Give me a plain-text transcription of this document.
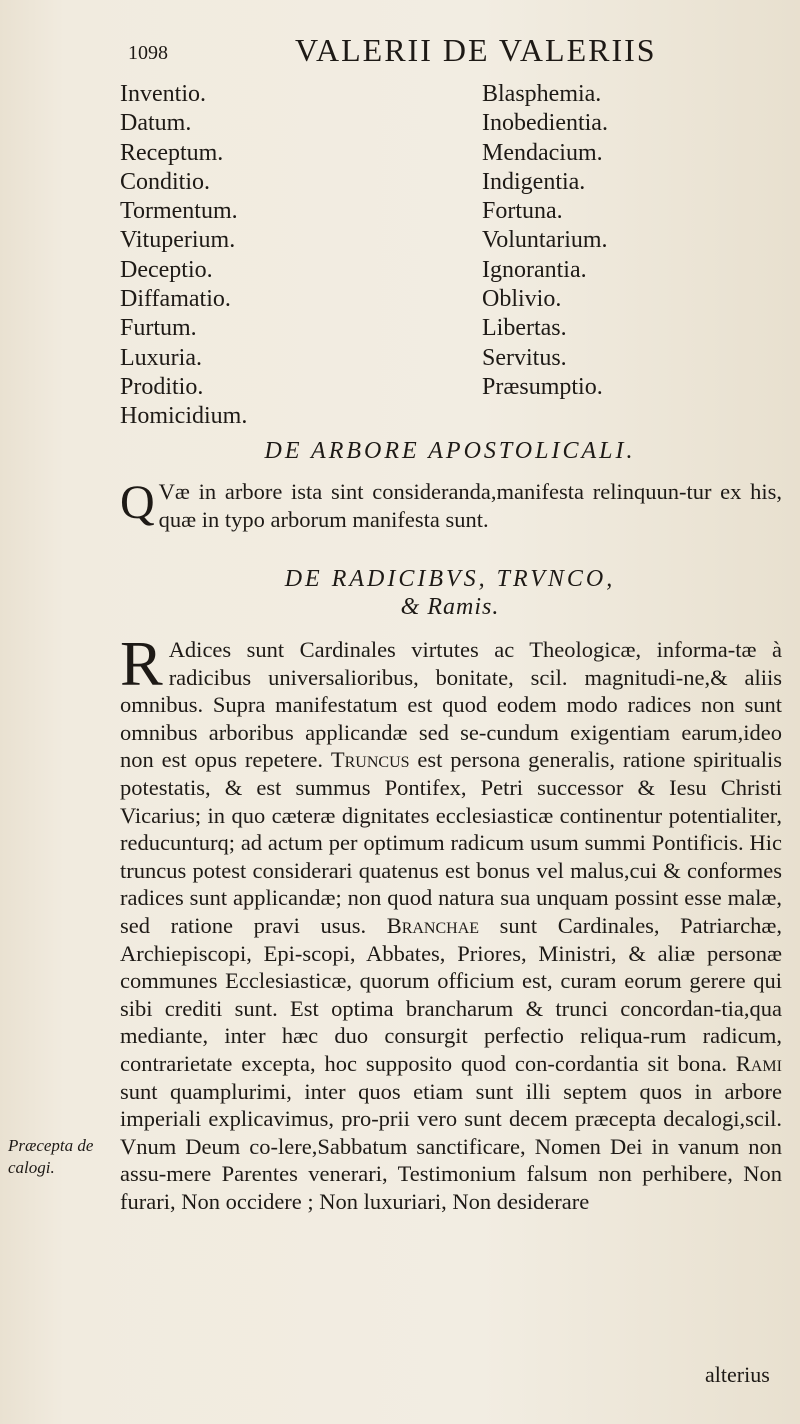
1098	VALERII DE VALERIIS
Inventio.
Datum.
Receptum.
Conditio.
Tormentum.
Vituperium.
Deceptio.
Diffamatio.
Furtum.
Luxuria.
Proditio.
Homicidium.
Blasphemia.
Inobedientia.
Mendacium.
Indigentia.
Fortuna.
Voluntarium.
Ignorantia.
Oblivio.
Libertas.
Servitus.
Præsumptio.
DE ARBORE APOSTOLICALI.
Q Væ in arbore ista sint consideranda,manifesta relinquun-tur ex his, quæ in typo arborum manifesta sunt.
DE RADICIBVS, TRVNCO,
& Ramis.
R Adices sunt Cardinales virtutes ac Theologicæ, informa-tæ à radicibus universalioribus, bonitate, scil. magnitudi-ne,& aliis omnibus. Supra manifestatum est quod eodem modo radices non sunt omnibus arboribus applicandæ sed se-cundum exigentiam earum,ideo non est opus repetere. Truncus est persona generalis, ratione spiritualis potestatis, & est summus Pontifex, Petri successor & Iesu Christi Vicarius; in quo cæteræ dignitates ecclesiasticæ continentur potentialiter, reducunturq; ad actum per optimum radicum usum summi Pontificis. Hic truncus potest considerari quatenus est bonus vel malus,cui & conformes radices sunt applicandæ; non quod natura sua unquam possint esse malæ, sed ratione pravi usus. Branchae sunt Cardinales, Patriarchæ, Archiepiscopi, Epi-scopi, Abbates, Priores, Ministri, & aliæ personæ communes Ecclesiasticæ, quorum officium est, curam eorum gerere qui sibi crediti sunt. Est optima brancharum & trunci concordan-tia,qua mediante, inter hæc duo consurgit perfectio reliqua-rum radicum, contrarietate excepta, hoc supposito quod con-cordantia sit bona. Rami sunt quamplurimi, inter quos etiam sunt illi septem quos in arbore imperiali explicavimus, pro-prii vero sunt decem præcepta decalogi,scil. Vnum Deum co-lere,Sabbatum sanctificare, Nomen Dei in vanum non assu-mere Parentes venerari, Testimonium falsum non perhibere, Non furari, Non occidere ; Non luxuriari, Non desiderare
Præcepta de calogi.
alterius
